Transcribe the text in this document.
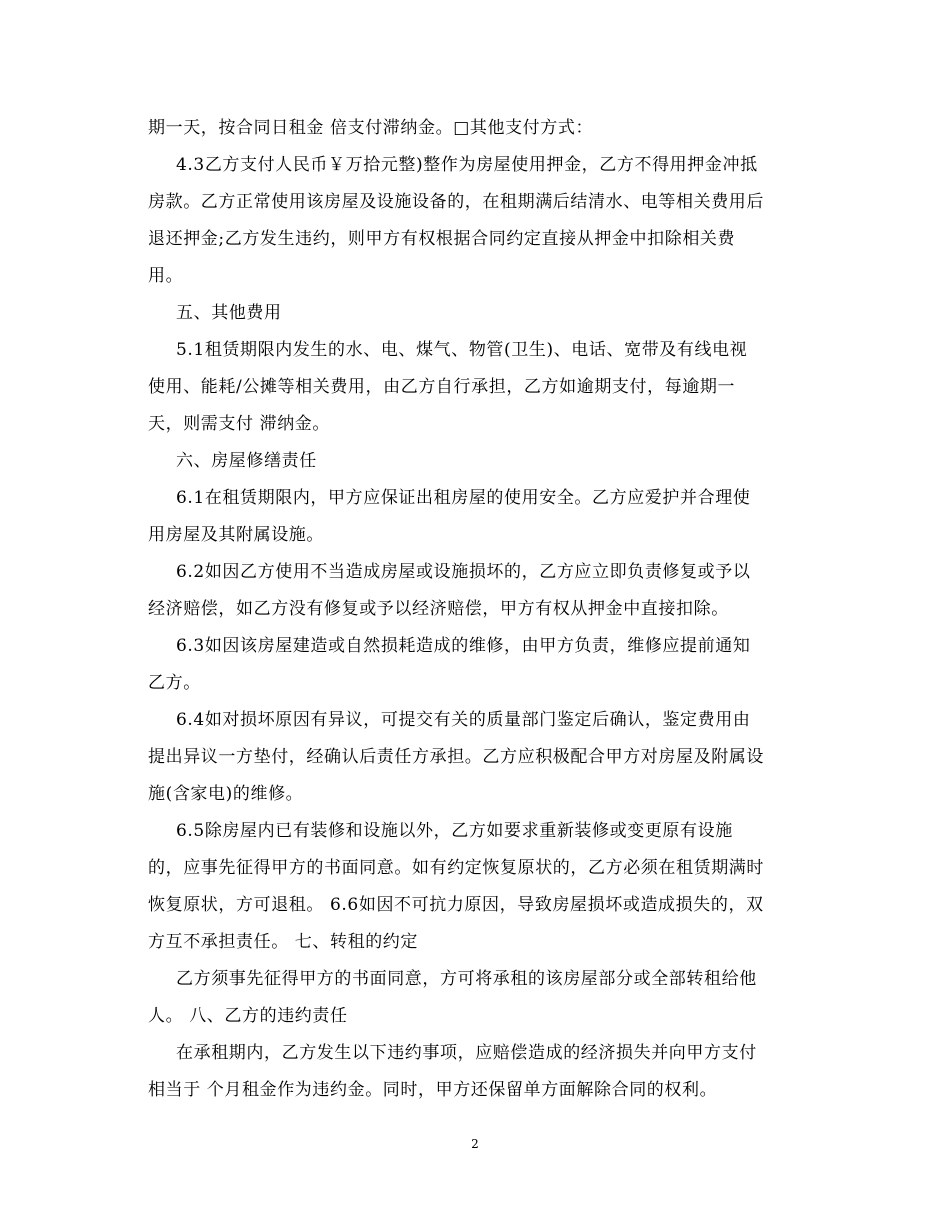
期一天，按合同日租金 倍支付滞纳金。□其他支付方式：
4.3乙方支付人民币￥万拾元整)整作为房屋使用押金，乙方不得用押金冲抵
房款。乙方正常使用该房屋及设施设备的，在租期满后结清水、电等相关费用后
退还押金;乙方发生违约，则甲方有权根据合同约定直接从押金中扣除相关费
用。
五、其他费用
5.1租赁期限内发生的水、电、煤气、物管(卫生)、电话、宽带及有线电视
使用、能耗/公摊等相关费用，由乙方自行承担，乙方如逾期支付，每逾期一
天，则需支付 滞纳金。
六、房屋修缮责任
6.1在租赁期限内，甲方应保证出租房屋的使用安全。乙方应爱护并合理使
用房屋及其附属设施。
6.2如因乙方使用不当造成房屋或设施损坏的，乙方应立即负责修复或予以
经济赔偿，如乙方没有修复或予以经济赔偿，甲方有权从押金中直接扣除。
6.3如因该房屋建造或自然损耗造成的维修，由甲方负责，维修应提前通知
乙方。
6.4如对损坏原因有异议，可提交有关的质量部门鉴定后确认，鉴定费用由
提出异议一方垫付，经确认后责任方承担。乙方应积极配合甲方对房屋及附属设
施(含家电)的维修。
6.5除房屋内已有装修和设施以外，乙方如要求重新装修或变更原有设施
的，应事先征得甲方的书面同意。如有约定恢复原状的，乙方必须在租赁期满时
恢复原状，方可退租。 6.6如因不可抗力原因，导致房屋损坏或造成损失的，双
方互不承担责任。 七、转租的约定
乙方须事先征得甲方的书面同意，方可将承租的该房屋部分或全部转租给他
人。 八、乙方的违约责任
在承租期内，乙方发生以下违约事项，应赔偿造成的经济损失并向甲方支付
相当于 个月租金作为违约金。同时，甲方还保留单方面解除合同的权利。
2
